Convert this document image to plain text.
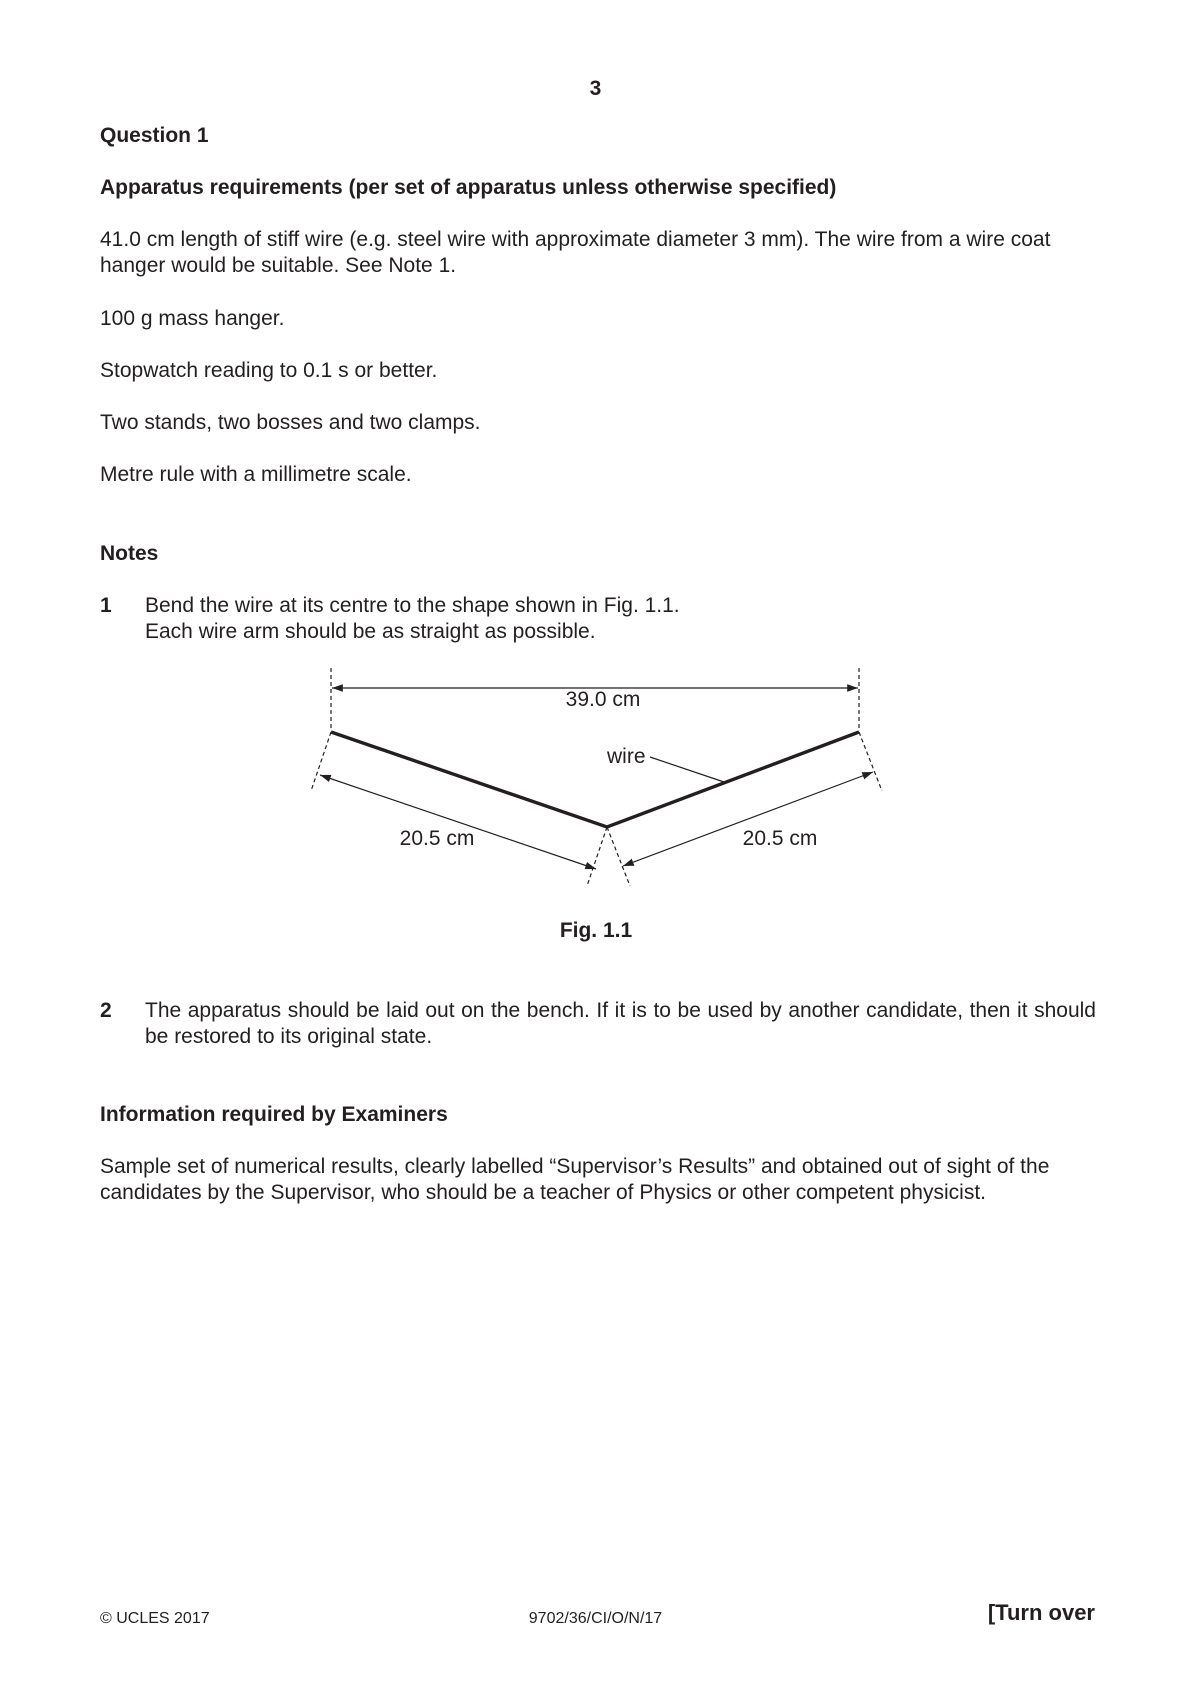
3
Question 1
Apparatus requirements (per set of apparatus unless otherwise specified)
41.0 cm length of stiff wire (e.g. steel wire with approximate diameter 3 mm). The wire from a wire coat hanger would be suitable. See Note 1.
100 g mass hanger.
Stopwatch reading to 0.1 s or better.
Two stands, two bosses and two clamps.
Metre rule with a millimetre scale.
Notes
1 Bend the wire at its centre to the shape shown in Fig. 1.1.
Each wire arm should be as straight as possible.
39.0 cm
wire
20.5 cm	20.5 cm
Fig. 1.1
2 The apparatus should be laid out on the bench. If it is to be used by another candidate, then it should be restored to its original state.
Information required by Examiners
Sample set of numerical results, clearly labelled “Supervisor’s Results” and obtained out of sight of the candidates by the Supervisor, who should be a teacher of Physics or other competent physicist.
© UCLES 2017	9702/36/CI/O/N/17	[Turn over
